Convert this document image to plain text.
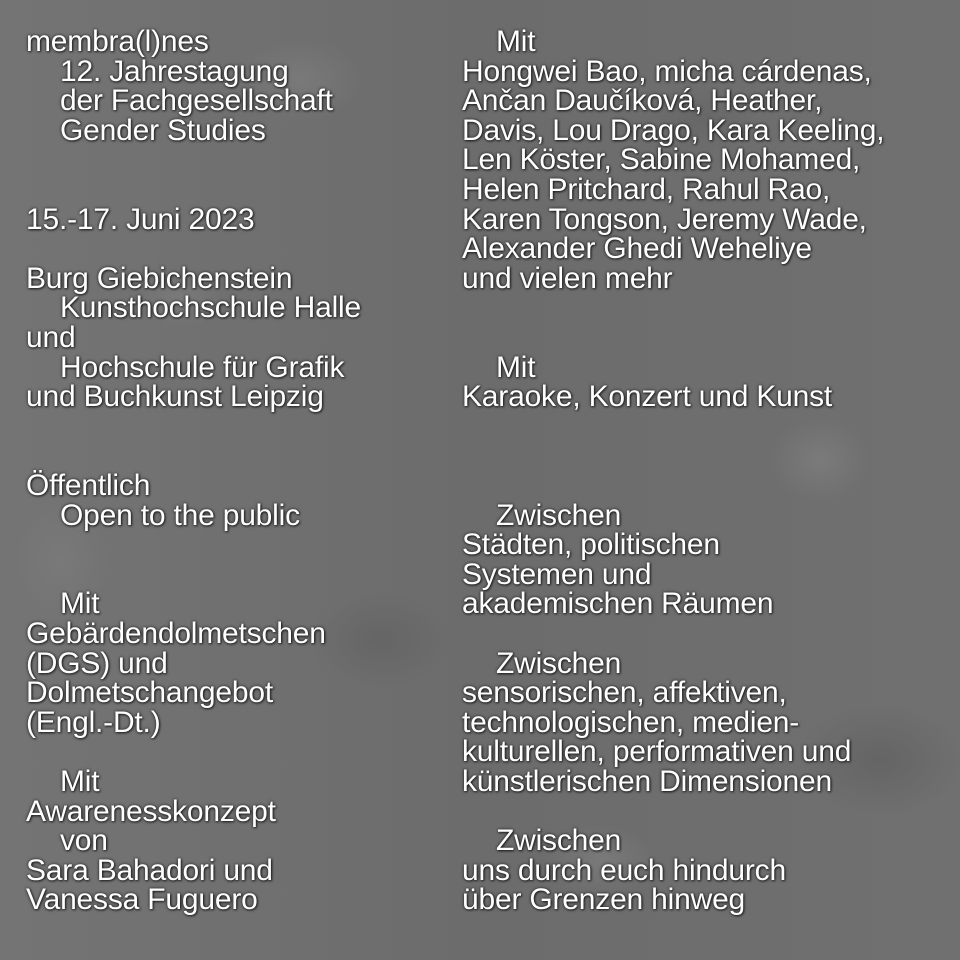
membra(l)nes
12. Jahrestagung
der Fachgesellschaft
Gender Studies
15.-17. Juni 2023
Burg Giebichenstein
Kunsthochschule Halle
und
Hochschule für Grafik
und Buchkunst Leipzig
Öffentlich
Open to the public
Mit
Gebärdendolmetschen
(DGS) und
Dolmetschangebot
(Engl.-Dt.)
Mit
Awarenesskonzept
von
Sara Bahadori und
Vanessa Fuguero
Mit
Hongwei Bao, micha cárdenas,
Ančan Daučíková, Heather,
Davis, Lou Drago, Kara Keeling,
Len Köster, Sabine Mohamed,
Helen Pritchard, Rahul Rao,
Karen Tongson, Jeremy Wade,
Alexander Ghedi Weheliye
und vielen mehr
Mit
Karaoke, Konzert und Kunst
Zwischen
Städten, politischen
Systemen und
akademischen Räumen
Zwischen
sensorischen, affektiven,
technologischen, medien-
kulturellen, performativen und
künstlerischen Dimensionen
Zwischen
uns durch euch hindurch
über Grenzen hinweg
